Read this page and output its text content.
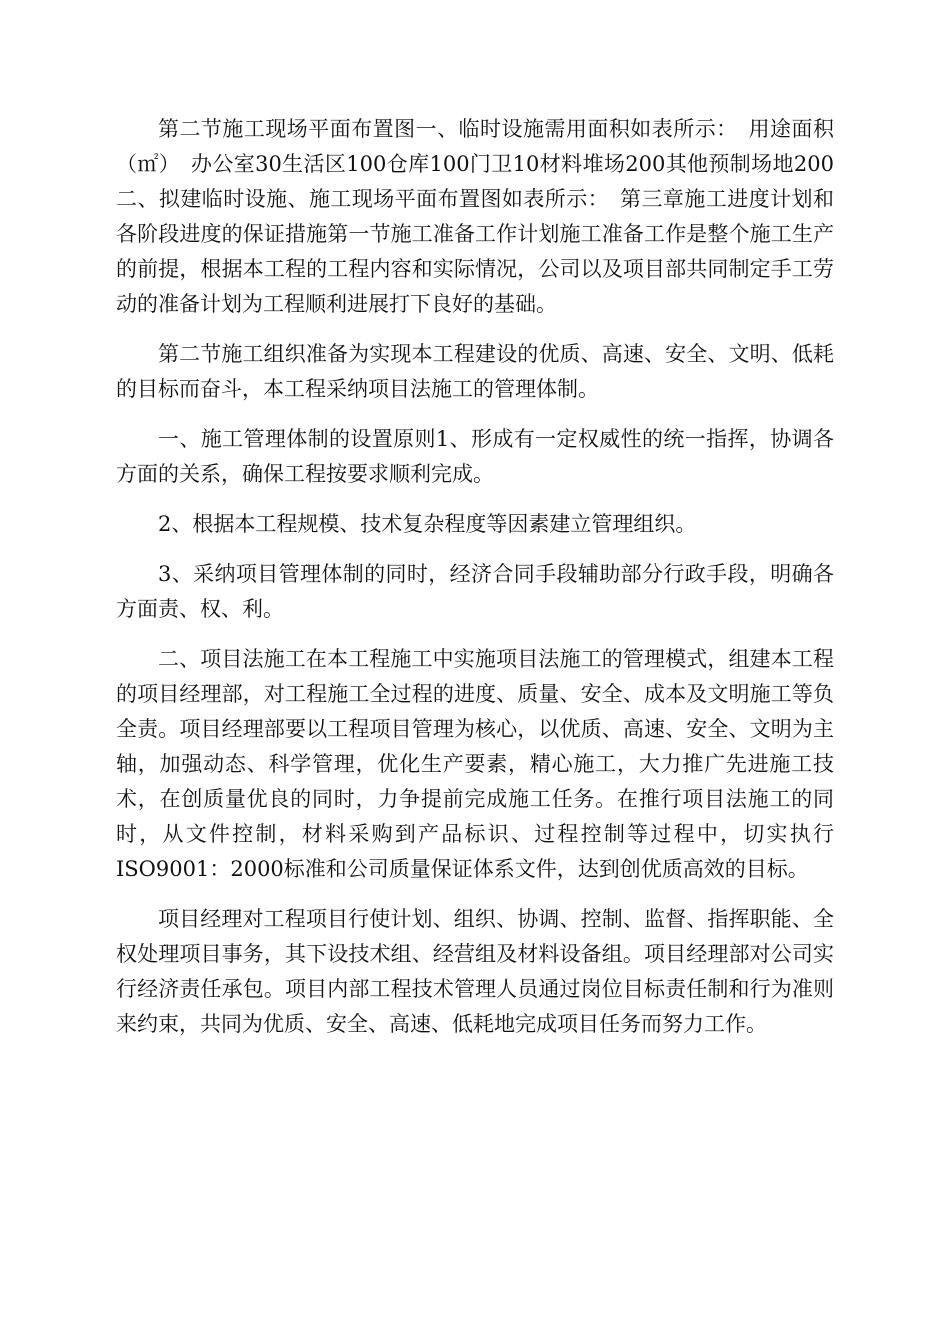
第二节施工现场平面布置图一、临时设施需用面积如表所示：　用途面积（㎡）　办公室30生活区100仓库100门卫10材料堆场200其他预制场地200二、拟建临时设施、施工现场平面布置图如表所示：　第三章施工进度计划和各阶段进度的保证措施第一节施工准备工作计划施工准备工作是整个施工生产的前提，根据本工程的工程内容和实际情况，公司以及项目部共同制定手工劳动的准备计划为工程顺利进展打下良好的基础。

第二节施工组织准备为实现本工程建设的优质、高速、安全、文明、低耗的目标而奋斗，本工程采纳项目法施工的管理体制。

一、施工管理体制的设置原则1、形成有一定权威性的统一指挥，协调各方面的关系，确保工程按要求顺利完成。

2、根据本工程规模、技术复杂程度等因素建立管理组织。

3、采纳项目管理体制的同时，经济合同手段辅助部分行政手段，明确各方面责、权、利。

二、项目法施工在本工程施工中实施项目法施工的管理模式，组建本工程的项目经理部，对工程施工全过程的进度、质量、安全、成本及文明施工等负全责。项目经理部要以工程项目管理为核心，以优质、高速、安全、文明为主轴，加强动态、科学管理，优化生产要素，精心施工，大力推广先进施工技术，在创质量优良的同时，力争提前完成施工任务。在推行项目法施工的同时，从文件控制，材料采购到产品标识、过程控制等过程中，切实执行ISO9001：2000标准和公司质量保证体系文件，达到创优质高效的目标。

项目经理对工程项目行使计划、组织、协调、控制、监督、指挥职能、全权处理项目事务，其下设技术组、经营组及材料设备组。项目经理部对公司实行经济责任承包。项目内部工程技术管理人员通过岗位目标责任制和行为准则来约束，共同为优质、安全、高速、低耗地完成项目任务而努力工作。
